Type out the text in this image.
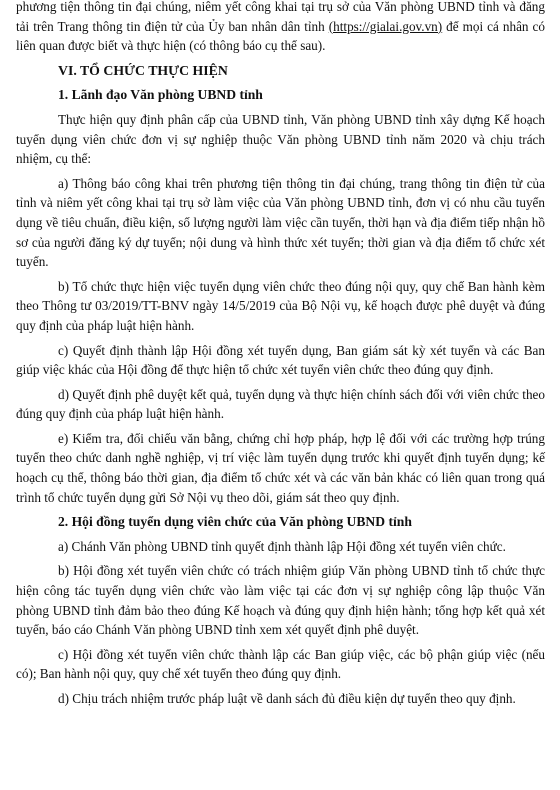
phương tiện thông tin đại chúng, niêm yết công khai tại trụ sở của Văn phòng UBND tỉnh và đăng tải trên Trang thông tin điện tử của Ủy ban nhân dân tỉnh (https://gialai.gov.vn) để mọi cá nhân có liên quan được biết và thực hiện (có thông báo cụ thể sau).

VI. TỔ CHỨC THỰC HIỆN

1. Lãnh đạo Văn phòng UBND tỉnh

Thực hiện quy định phân cấp của UBND tỉnh, Văn phòng UBND tỉnh xây dựng Kế hoạch tuyển dụng viên chức đơn vị sự nghiệp thuộc Văn phòng UBND tỉnh năm 2020 và chịu trách nhiệm, cụ thể:

a) Thông báo công khai trên phương tiện thông tin đại chúng, trang thông tin điện tử của tỉnh và niêm yết công khai tại trụ sở làm việc của Văn phòng UBND tỉnh, đơn vị có nhu cầu tuyển dụng về tiêu chuẩn, điều kiện, số lượng người làm việc cần tuyển, thời hạn và địa điểm tiếp nhận hồ sơ của người đăng ký dự tuyển; nội dung và hình thức xét tuyển; thời gian và địa điểm tổ chức xét tuyển.

b) Tổ chức thực hiện việc tuyển dụng viên chức theo đúng nội quy, quy chế Ban hành kèm theo Thông tư 03/2019/TT-BNV ngày 14/5/2019 của Bộ Nội vụ, kế hoạch được phê duyệt và đúng quy định của pháp luật hiện hành.

c) Quyết định thành lập Hội đồng xét tuyển dụng, Ban giám sát kỳ xét tuyển và các Ban giúp việc khác của Hội đồng để thực hiện tổ chức xét tuyển viên chức theo đúng quy định.

d) Quyết định phê duyệt kết quả, tuyển dụng và thực hiện chính sách đối với viên chức theo đúng quy định của pháp luật hiện hành.

e) Kiểm tra, đối chiếu văn bằng, chứng chỉ hợp pháp, hợp lệ đối với các trường hợp trúng tuyển theo chức danh nghề nghiệp, vị trí việc làm tuyển dụng trước khi quyết định tuyển dụng; kế hoạch cụ thể, thông báo thời gian, địa điểm tổ chức xét và các văn bản khác có liên quan trong quá trình tổ chức tuyển dụng gửi Sở Nội vụ theo dõi, giám sát theo quy định.

2. Hội đồng tuyển dụng viên chức của Văn phòng UBND tỉnh

a) Chánh Văn phòng UBND tỉnh quyết định thành lập Hội đồng xét tuyển viên chức.

b) Hội đồng xét tuyển viên chức có trách nhiệm giúp Văn phòng UBND tỉnh tổ chức thực hiện công tác tuyển dụng viên chức vào làm việc tại các đơn vị sự nghiệp công lập thuộc Văn phòng UBND tỉnh đảm bảo theo đúng Kế hoạch và đúng quy định hiện hành; tổng hợp kết quả xét tuyển, báo cáo Chánh Văn phòng UBND tỉnh xem xét quyết định phê duyệt.

c) Hội đồng xét tuyển viên chức thành lập các Ban giúp việc, các bộ phận giúp việc (nếu có); Ban hành nội quy, quy chế xét tuyển theo đúng quy định.

d) Chịu trách nhiệm trước pháp luật về danh sách đủ điều kiện dự tuyển theo quy định.
